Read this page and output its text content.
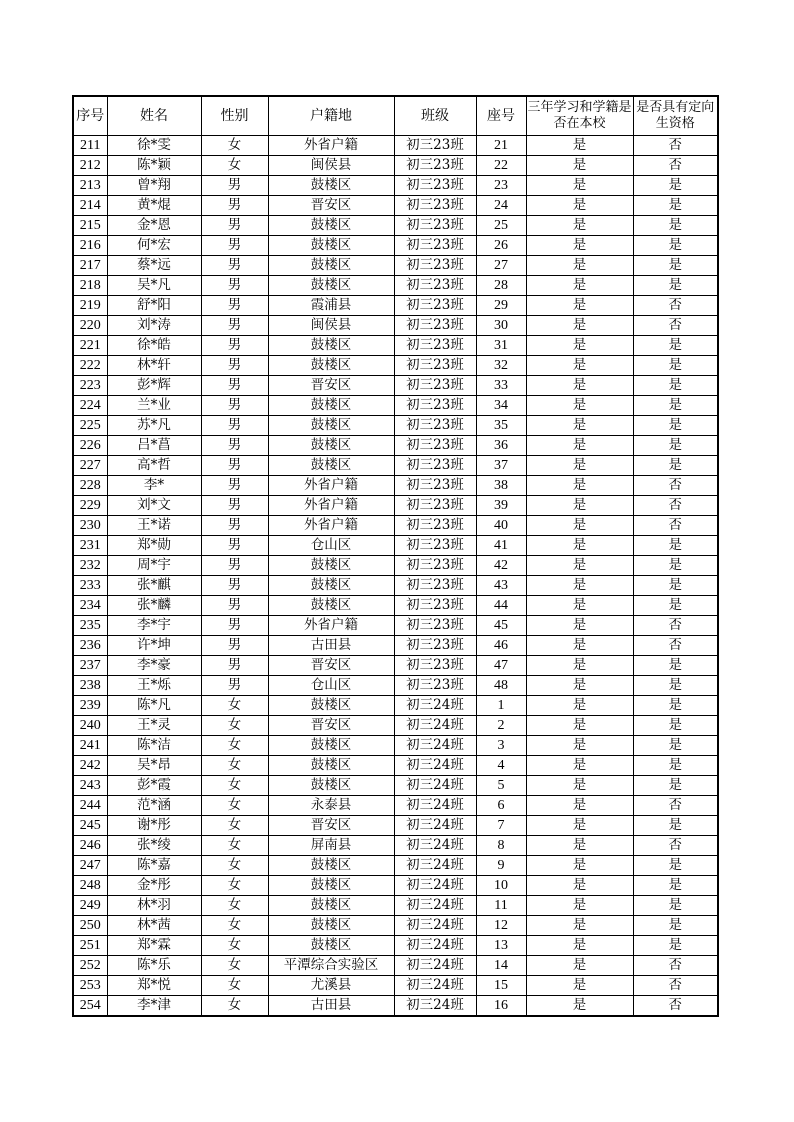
序号	姓名	性别	户籍地	班级	座号	三年学习和学籍是否在本校	是否具有定向生资格
211	徐*雯	女	外省户籍	初三23班	21	是	否
212	陈*颖	女	闽侯县	初三23班	22	是	否
213	曾*翔	男	鼓楼区	初三23班	23	是	是
214	黄*焜	男	晋安区	初三23班	24	是	是
215	金*恩	男	鼓楼区	初三23班	25	是	是
216	何*宏	男	鼓楼区	初三23班	26	是	是
217	蔡*远	男	鼓楼区	初三23班	27	是	是
218	吴*凡	男	鼓楼区	初三23班	28	是	是
219	舒*阳	男	霞浦县	初三23班	29	是	否
220	刘*涛	男	闽侯县	初三23班	30	是	否
221	徐*皓	男	鼓楼区	初三23班	31	是	是
222	林*轩	男	鼓楼区	初三23班	32	是	是
223	彭*辉	男	晋安区	初三23班	33	是	是
224	兰*业	男	鼓楼区	初三23班	34	是	是
225	苏*凡	男	鼓楼区	初三23班	35	是	是
226	吕*菖	男	鼓楼区	初三23班	36	是	是
227	高*哲	男	鼓楼区	初三23班	37	是	是
228	李*	男	外省户籍	初三23班	38	是	否
229	刘*文	男	外省户籍	初三23班	39	是	否
230	王*诺	男	外省户籍	初三23班	40	是	否
231	郑*勋	男	仓山区	初三23班	41	是	是
232	周*宇	男	鼓楼区	初三23班	42	是	是
233	张*麒	男	鼓楼区	初三23班	43	是	是
234	张*麟	男	鼓楼区	初三23班	44	是	是
235	李*宇	男	外省户籍	初三23班	45	是	否
236	许*坤	男	古田县	初三23班	46	是	否
237	李*豪	男	晋安区	初三23班	47	是	是
238	王*烁	男	仓山区	初三23班	48	是	是
239	陈*凡	女	鼓楼区	初三24班	1	是	是
240	王*灵	女	晋安区	初三24班	2	是	是
241	陈*洁	女	鼓楼区	初三24班	3	是	是
242	吴*昂	女	鼓楼区	初三24班	4	是	是
243	彭*霞	女	鼓楼区	初三24班	5	是	是
244	范*涵	女	永泰县	初三24班	6	是	否
245	谢*彤	女	晋安区	初三24班	7	是	是
246	张*绫	女	屏南县	初三24班	8	是	否
247	陈*嘉	女	鼓楼区	初三24班	9	是	是
248	金*彤	女	鼓楼区	初三24班	10	是	是
249	林*羽	女	鼓楼区	初三24班	11	是	是
250	林*茜	女	鼓楼区	初三24班	12	是	是
251	郑*霖	女	鼓楼区	初三24班	13	是	是
252	陈*乐	女	平潭综合实验区	初三24班	14	是	否
253	郑*悦	女	尤溪县	初三24班	15	是	否
254	李*津	女	古田县	初三24班	16	是	否
